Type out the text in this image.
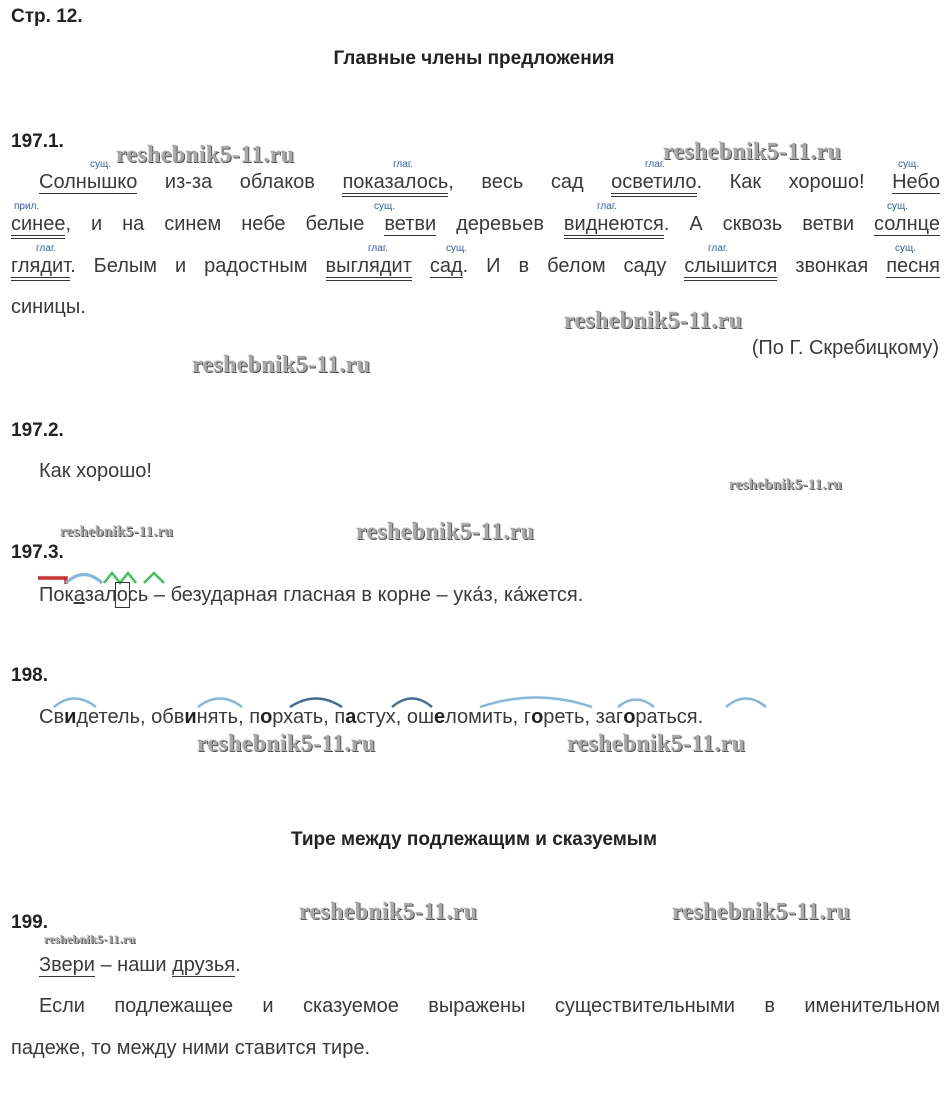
Стр. 12.
Главные члены предложения
197.1.
сущ.	глаг.	глаг.	сущ.
Солнышко из-за облаков показалось, весь сад осветило. Как хорошо! Небо
прил.	сущ.	глаг.	сущ.
синее, и на синем небе белые ветви деревьев виднеются. А сквозь ветви солнце
глаг.	глаг.	сущ.	глаг.	сущ.
глядит. Белым и радостным выглядит сад. И в белом саду слышится звонкая песня
синицы.
(По Г. Скребицкому)
197.2.
Как хорошо!
197.3.
Показалось – безударная гласная в корне – ука́з, ка́жется.
198.
Свидетель, обвинять, порхать, пастух, ошеломить, гореть, загораться.
Тире между подлежащим и сказуемым
199.
Звери – наши друзья.
Если подлежащее и сказуемое выражены существительными в именительном
падеже, то между ними ставится тире.
reshebnik5-11.ru	reshebnik5-11.ru
reshebnik5-11.ru
reshebnik5-11.ru
reshebnik5-11.ru
reshebnik5-11.ru	reshebnik5-11.ru
reshebnik5-11.ru	reshebnik5-11.ru
reshebnik5-11.ru	reshebnik5-11.ru
reshebnik5-11.ru
